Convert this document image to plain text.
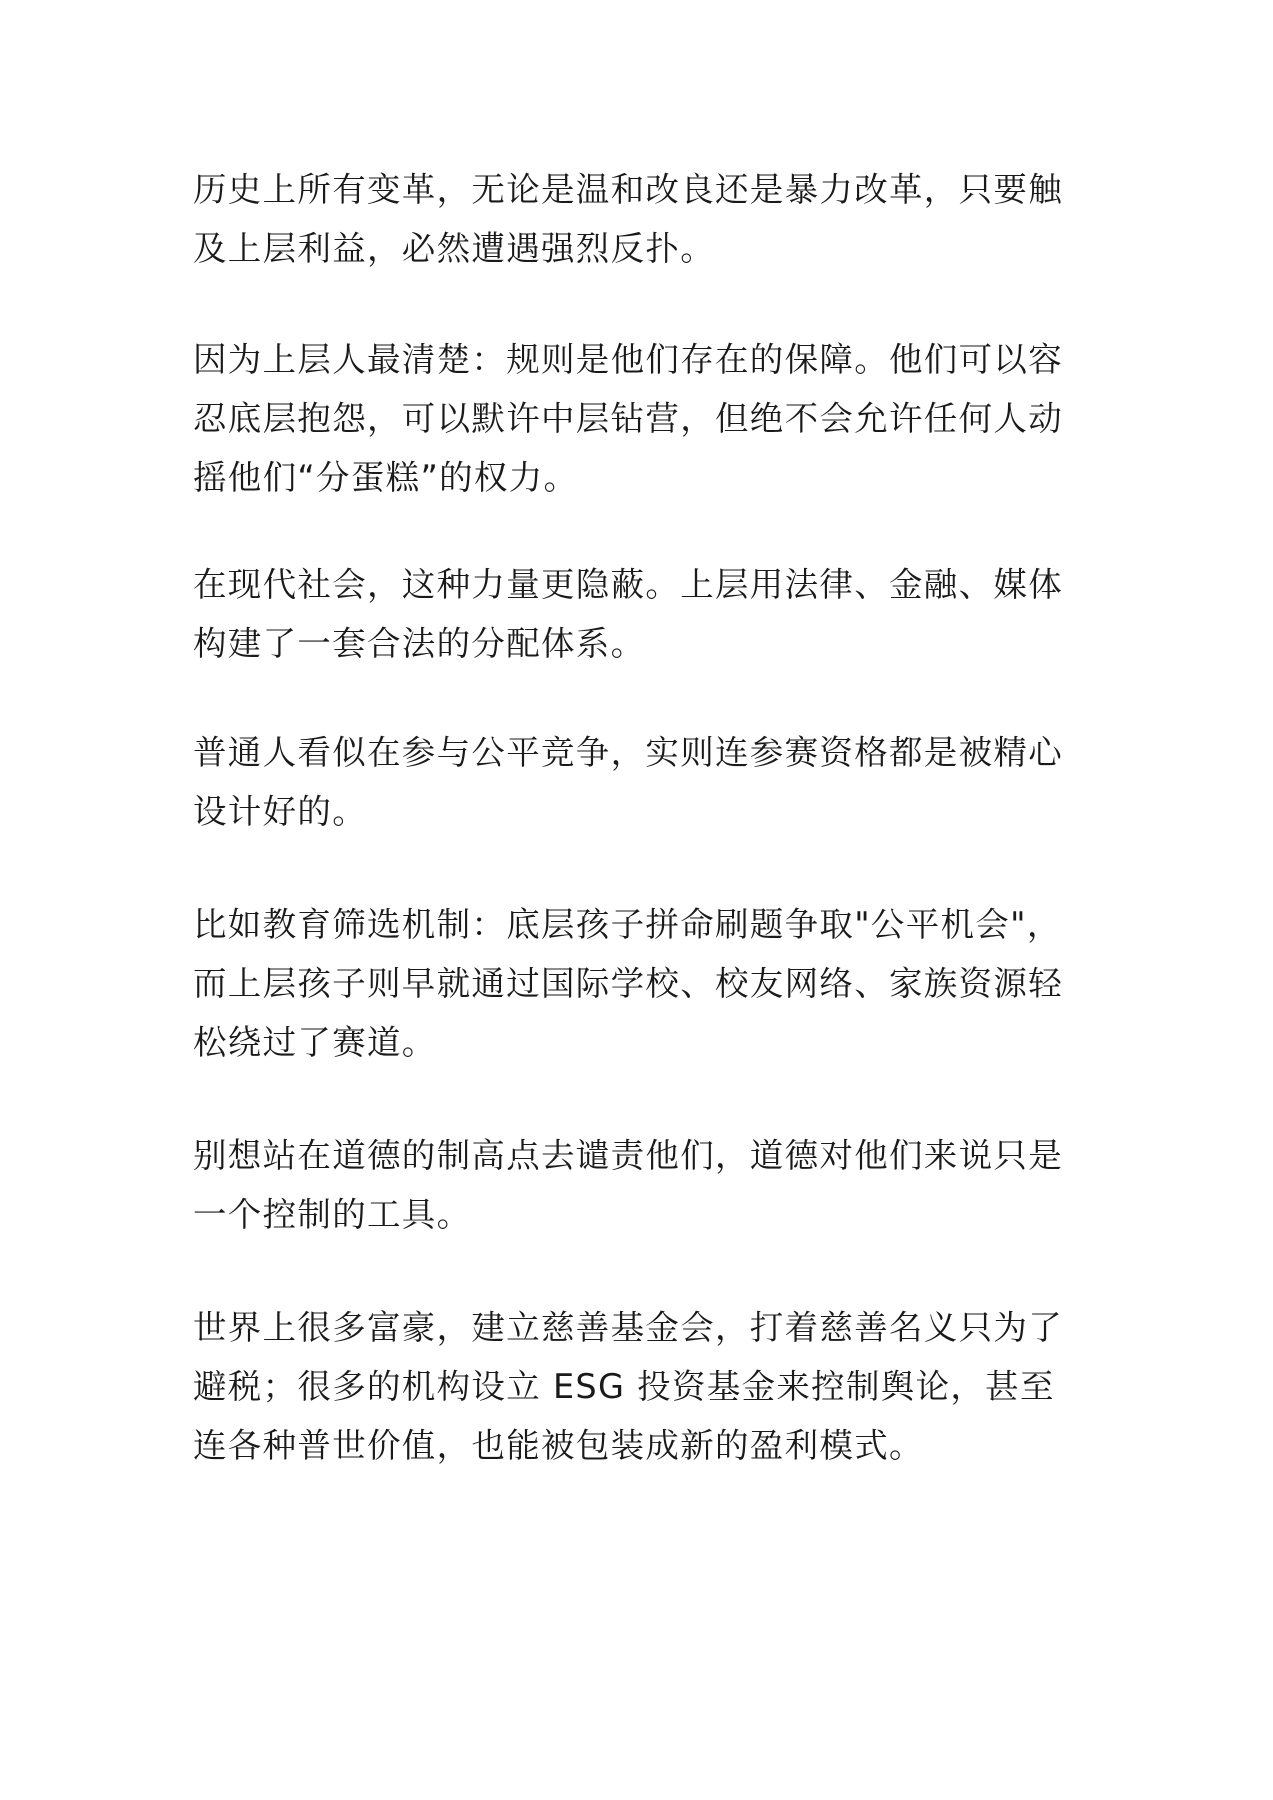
历史上所有变革，无论是温和改良还是暴力改革，只要触
及上层利益，必然遭遇强烈反扑。

因为上层人最清楚：规则是他们存在的保障。他们可以容
忍底层抱怨，可以默许中层钻营，但绝不会允许任何人动
摇他们“分蛋糕”的权力。

在现代社会，这种力量更隐蔽。上层用法律、金融、媒体
构建了一套合法的分配体系。

普通人看似在参与公平竞争，实则连参赛资格都是被精心
设计好的。

比如教育筛选机制：底层孩子拼命刷题争取"公平机会"，
而上层孩子则早就通过国际学校、校友网络、家族资源轻
松绕过了赛道。

别想站在道德的制高点去谴责他们，道德对他们来说只是
一个控制的工具。

世界上很多富豪，建立慈善基金会，打着慈善名义只为了
避税；很多的机构设立 ESG 投资基金来控制舆论，甚至
连各种普世价值，也能被包装成新的盈利模式。
